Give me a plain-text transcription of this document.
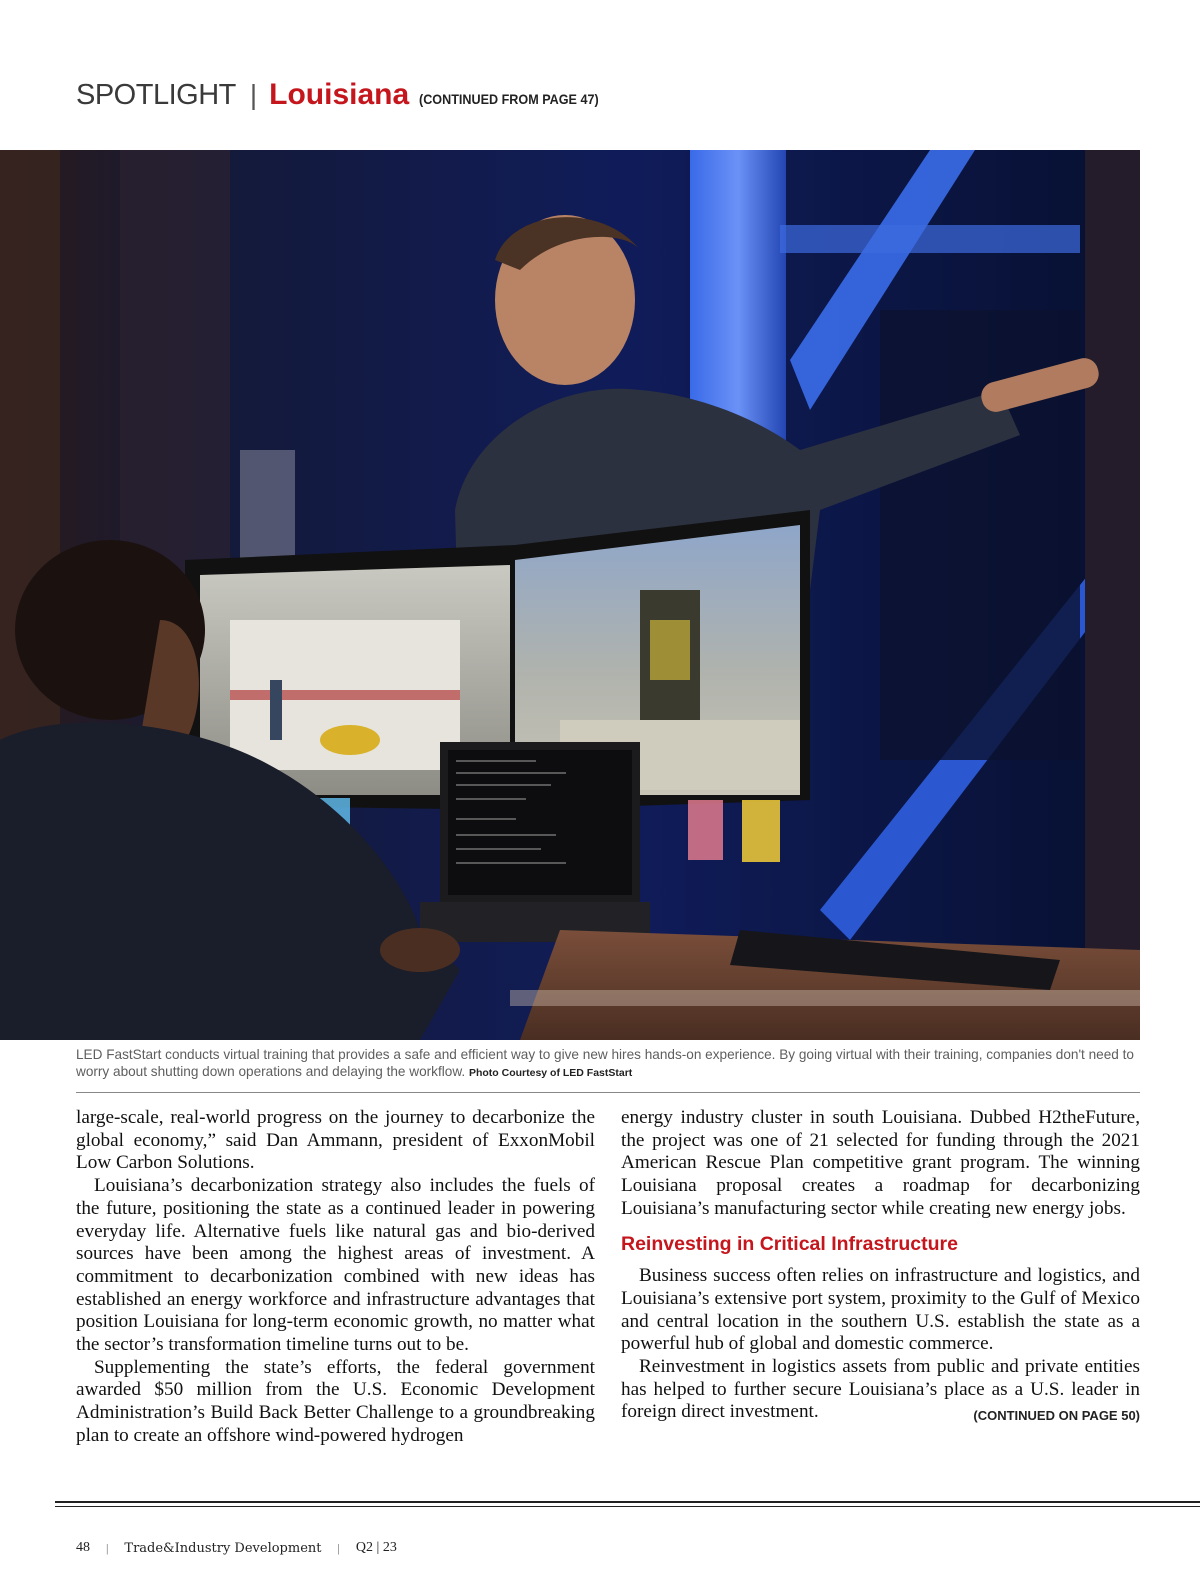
SPOTLIGHT | Louisiana (CONTINUED FROM PAGE 47)
LED FastStart conducts virtual training that provides a safe and efficient way to give new hires hands-on experience. By going virtual with their training, companies don't need to worry about shutting down operations and delaying the workflow. Photo Courtesy of LED FastStart

large-scale, real-world progress on the journey to decarbonize the global economy,” said Dan Ammann, president of ExxonMobil Low Carbon Solutions.

Louisiana’s decarbonization strategy also includes the fuels of the future, positioning the state as a continued leader in powering everyday life. Alternative fuels like natural gas and bio-derived sources have been among the highest areas of investment. A commitment to decarbonization combined with new ideas has established an energy workforce and infrastructure advantages that position Louisiana for long-term economic growth, no matter what the sector’s transformation timeline turns out to be.

Supplementing the state’s efforts, the federal government awarded $50 million from the U.S. Economic Development Administration’s Build Back Better Challenge to a groundbreaking plan to create an offshore wind-powered hydrogen

energy industry cluster in south Louisiana. Dubbed H2theFuture, the project was one of 21 selected for funding through the 2021 American Rescue Plan competitive grant program. The winning Louisiana proposal creates a roadmap for decarbonizing Louisiana’s manufacturing sector while creating new energy jobs.

Reinvesting in Critical Infrastructure

Business success often relies on infrastructure and logistics, and Louisiana’s extensive port system, proximity to the Gulf of Mexico and central location in the southern U.S. establish the state as a powerful hub of global and domestic commerce.

Reinvestment in logistics assets from public and private entities has helped to further secure Louisiana’s place as a U.S. leader in foreign direct investment.	(CONTINUED ON PAGE 50)

48 | Trade&Industry Development | Q2 | 23
